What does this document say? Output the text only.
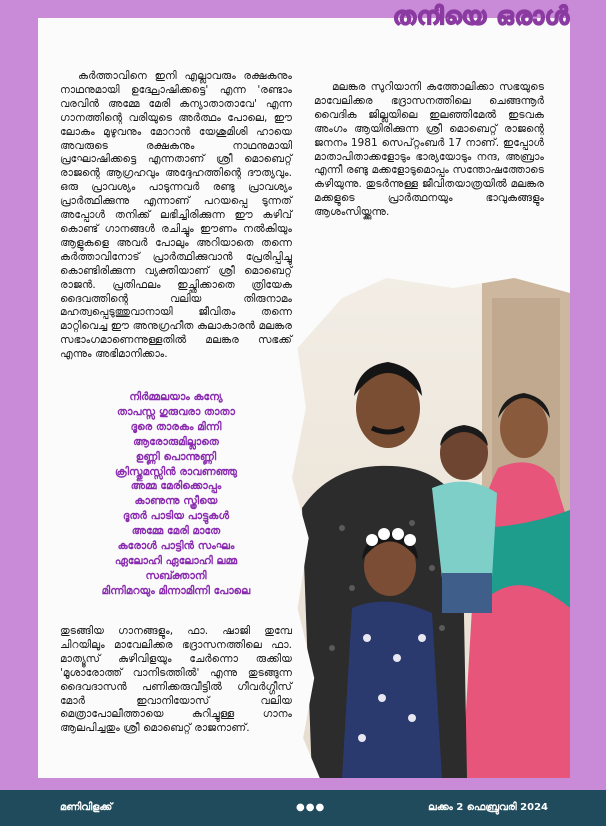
തനിയെ ഒരാൾ

കർത്താവിനെ ഇനി എല്ലാവരും രക്ഷകനും നാഥനുമായി ഉദ്ഘോഷിക്കട്ടെ' എന്ന 'രണ്ടാം വരവിൻ അമ്മേ മേരി കന്യാതാതാവേ' എന്ന ഗാനത്തിന്റെ വരിയുടെ അർത്ഥം പോലെ, ഈ ലോകം മുഴുവനും മോറാൻ യേശുമിശി ഹായെ അവരുടെ രക്ഷകനും നാഥനുമായി പ്രഘോഷിക്കട്ടെ എന്നതാണ് ശ്രീ മൊബെറ്റ് രാജന്റെ ആഗ്രഹവും അദ്ദേഹത്തിന്റെ ദൗത്യവും. ഒരു പ്രാവശ്യം പാടുന്നവർ രണ്ടു പ്രാവശ്യം പ്രാർത്ഥിക്കുന്നു എന്നാണ് പറയപ്പെ ടുന്നത് അപ്പോൾ തനിക്ക് ലഭിച്ചിരിക്കുന്ന ഈ കഴിവ് കൊണ്ട് ഗാനങ്ങൾ രചിച്ചും ഈണം നൽകിയും ആളുകളെ അവർ പോലും അറിയാതെ തന്നെ കർത്താവിനോട് പ്രാർത്ഥിക്കുവാൻ പ്രേരിപ്പിച്ചു കൊണ്ടിരിക്കുന്ന വ്യക്തിയാണ് ശ്രീ മൊബെറ്റ് രാജൻ. പ്രതിഫലം ഇച്ഛിക്കാതെ ത്രിയേക ദൈവത്തിന്റെ വലിയ തിരുനാമം മഹത്വപ്പെടുത്തുവാനായി ജീവിതം തന്നെ മാറ്റിവെച്ച ഈ അനുഗ്രഹീത കലാകാരൻ മലങ്കര സഭാംഗമാണെന്നുള്ളതിൽ മലങ്കര സഭക്ക് എന്നും അഭിമാനിക്കാം.

നിർമ്മലയാം കന്യേ
താപസ്സ ഗുരുവരാ താതാ
ദൂരെ താരകം മിന്നി
ആരോരുമില്ലാതെ
ഉണ്ണി പൊന്നുണ്ണി
ക്രിസ്തുമസ്സിൻ രാവണഞ്ഞു
അമ്മ മേരിക്കൊപ്പം
കാണുന്നു സ്ത്രീയെ
ദൂതർ പാടിയ പാട്ടുകൾ
അമ്മേ മേരി മാതേ
കരോൾ പാട്ടിൻ സംഘം
ഏലോഹി ഏലോഹി ലമ്മ
സബ്ക്താനി
മിന്നിമറയും മിന്നാമിന്നി പോലെ

തുടങ്ങിയ ഗാനങ്ങളും, ഫാ. ഷാജി തുമ്പേ ചിറയിലും മാവേലിക്കര ഭദ്രാസനത്തിലെ ഫാ. മാത്യൂസ് കുഴിവിളയും ചേർന്നൊ രുക്കിയ 'മൂശാരോത്ത് വാനിടത്തിൽ' എന്നു തുടങ്ങുന്ന ദൈവദാസൻ പണിക്കരുവീട്ടിൽ ഗീവർഗ്ഗീസ് മോർ ഇവാനിയോസ് വലിയ മെത്രാപോലീത്തായെ കുറിച്ചുള്ള ഗാനം ആലപിച്ചതും ശ്രീ മൊബെറ്റ് രാജനാണ്.

മലങ്കര സുറിയാനി കത്തോലിക്കാ സഭയുടെ മാവേലിക്കര ഭദ്രാസനത്തിലെ ചെങ്ങന്നൂർ വൈദിക ജില്ലയിലെ ഇലഞ്ഞിമേൽ ഇടവക അംഗം ആയിരിക്കുന്ന ശ്രീ മൊബെറ്റ് രാജന്റെ ജനനം 1981 സെപ്റ്റംബർ 17 നാണ്. ഇപ്പോൾ മാതാപിതാക്കളോടും ഭാര്യയോടും നന്ദ, അബ്രാം എന്നീ രണ്ടു മക്കളോടുമൊപ്പം സന്തോഷത്തോടെ കഴിയുന്നു. തുടർന്നുള്ള ജീവിതയാത്രയിൽ മലങ്കര മക്കളുടെ പ്രാർത്ഥനയും ഭാവുകങ്ങളും ആശംസിയ്ക്കുന്നു.

മണിവിളക്ക്	●●●	ലക്കം 2 ഫെബ്രുവരി 2024
